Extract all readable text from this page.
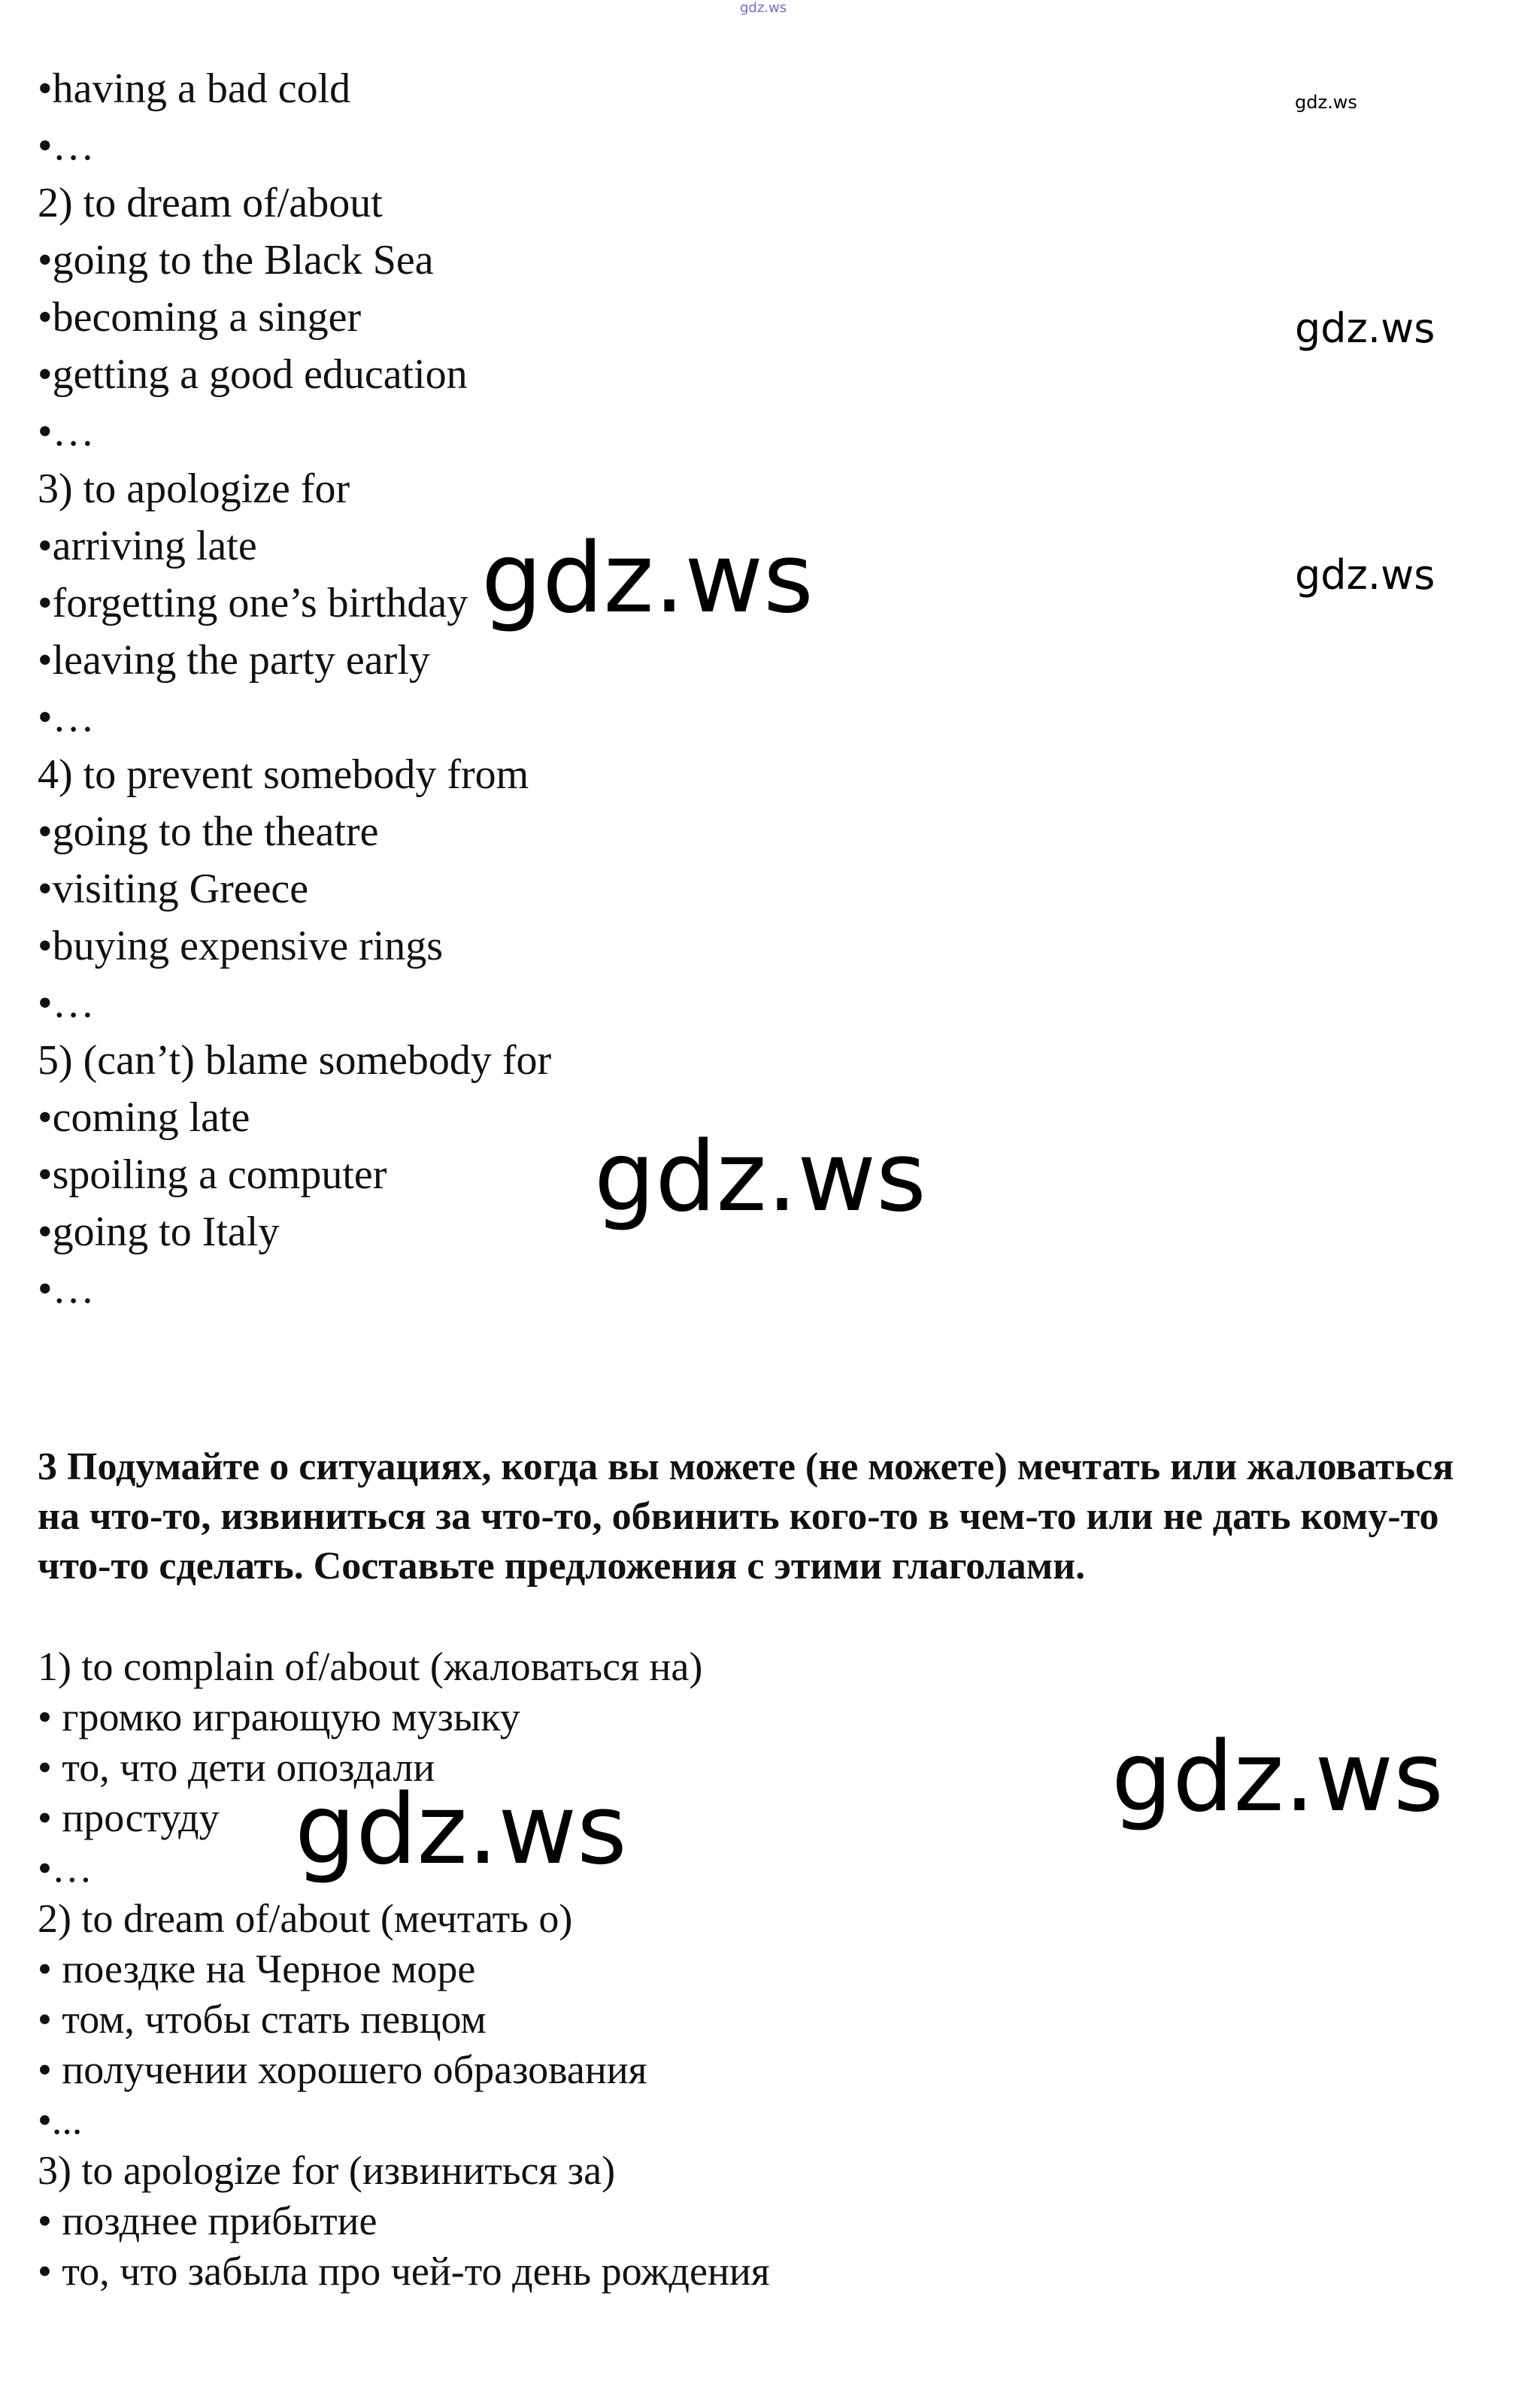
gdz.ws
gdz.ws
gdz.ws
gdz.ws
•having a bad cold
•…
2) to dream of/about
•going to the Black Sea
•becoming a singer
•getting a good education
•…
3) to apologize for
•arriving late
•forgetting one’s birthday
•leaving the party early
•…
4) to prevent somebody from
•going to the theatre
•visiting Greece
•buying expensive rings
•…
5) (can’t) blame somebody for
•coming late
•spoiling a computer
•going to Italy
•…
3 Подумайте о ситуациях, когда вы можете (не можете) мечтать или жаловаться на что-то, извиниться за что-то, обвинить кого-то в чем-то или не дать кому-то что-то сделать. Составьте предложения с этими глаголами.
1) to complain of/about (жаловаться на)
• громко играющую музыку
• то, что дети опоздали
• простуду
•…
2) to dream of/about (мечтать о)
• поездке на Черное море
• том, чтобы стать певцом
• получении хорошего образования
•...
3) to apologize for (извиниться за)
• позднее прибытие
• то, что забыла про чей-то день рождения
gdz.ws
gdz.ws
gdz.ws
gdz.ws
